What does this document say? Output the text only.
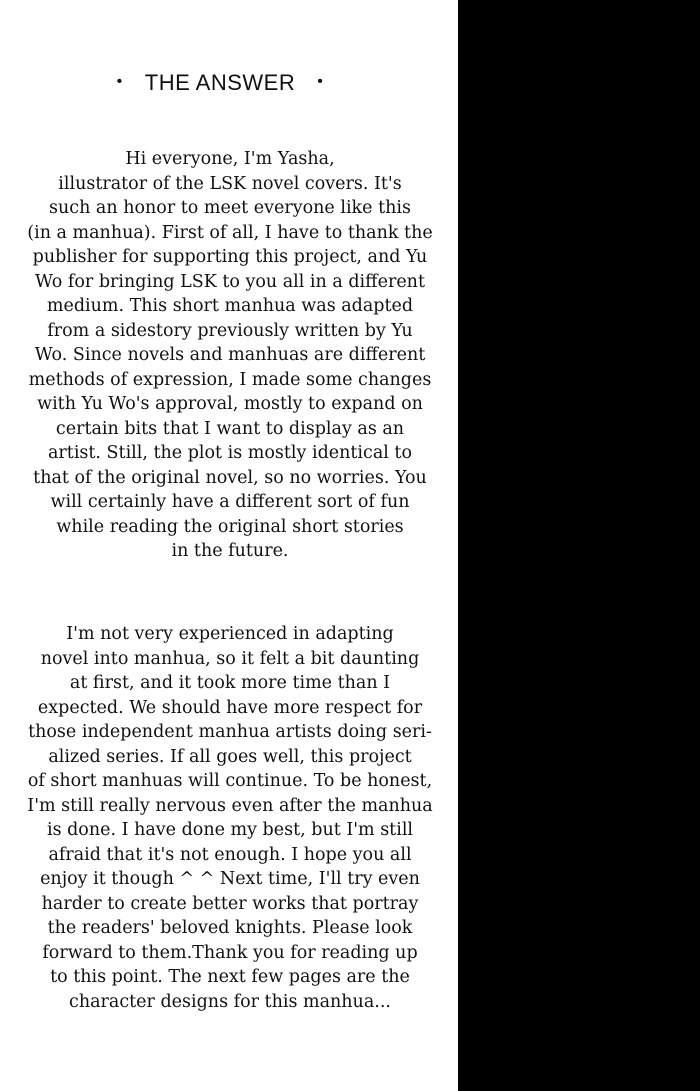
• THE ANSWER •
Hi everyone, I'm Yasha,
illustrator of the LSK novel covers. It's
such an honor to meet everyone like this
(in a manhua). First of all, I have to thank the
publisher for supporting this project, and Yu
Wo for bringing LSK to you all in a different
medium. This short manhua was adapted
from a sidestory previously written by Yu
Wo. Since novels and manhuas are different
methods of expression, I made some changes
with Yu Wo's approval, mostly to expand on
certain bits that I want to display as an
artist. Still, the plot is mostly identical to
that of the original novel, so no worries. You
will certainly have a different sort of fun
while reading the original short stories
in the future.
I'm not very experienced in adapting
novel into manhua, so it felt a bit daunting
at first, and it took more time than I
expected. We should have more respect for
those independent manhua artists doing seri-
alized series. If all goes well, this project
of short manhuas will continue. To be honest,
I'm still really nervous even after the manhua
is done. I have done my best, but I'm still
afraid that it's not enough. I hope you all
enjoy it though ^ ^ Next time, I'll try even
harder to create better works that portray
the readers' beloved knights. Please look
forward to them.Thank you for reading up
to this point. The next few pages are the
character designs for this manhua...
